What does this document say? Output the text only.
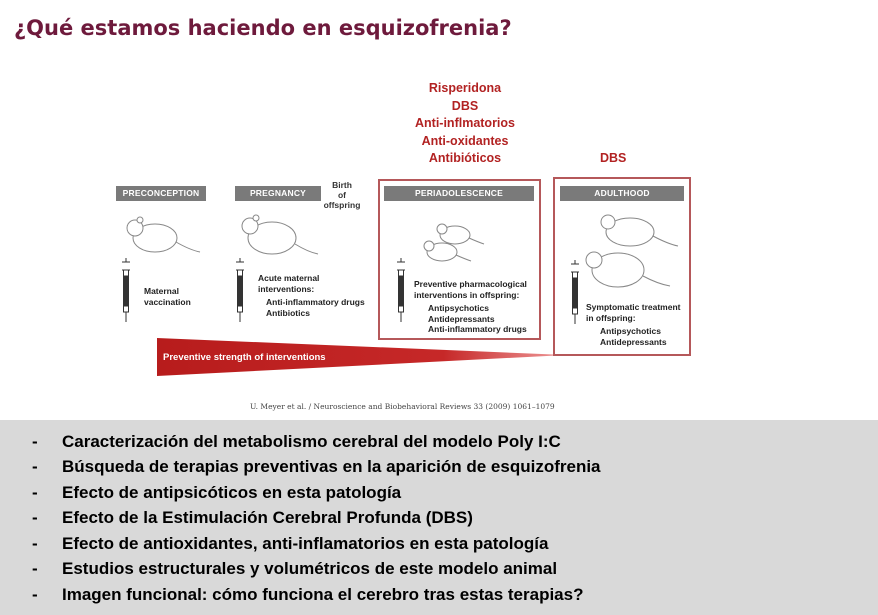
¿Qué estamos haciendo en esquizofrenia?
Risperidona
DBS
Anti-inflmatorios
Anti-oxidantes
Antibióticos	DBS
PRECONCEPTION	PREGNANCY	PERIADOLESCENCE	ADULTHOOD
Birth
of
offspring
Maternal
vaccination
Acute maternal
interventions:
Anti-inflammatory drugs
Antibiotics
Preventive pharmacological
interventions in offspring:
Antipsychotics
Antidepressants
Anti-inflammatory drugs
Symptomatic treatment
in offspring:
Antipsychotics
Antidepressants
Preventive strength of interventions
U. Meyer et al. / Neuroscience and Biobehavioral Reviews 33 (2009) 1061–1079
-	Caracterización del metabolismo cerebral del modelo Poly I:C
-	Búsqueda de terapias preventivas en la aparición de esquizofrenia
-	Efecto de antipsicóticos en esta patología
-	Efecto de la Estimulación Cerebral Profunda (DBS)
-	Efecto de antioxidantes, anti-inflamatorios en esta patología
-	Estudios estructurales y volumétricos de este modelo animal
-	Imagen funcional: cómo funciona el cerebro tras estas terapias?
